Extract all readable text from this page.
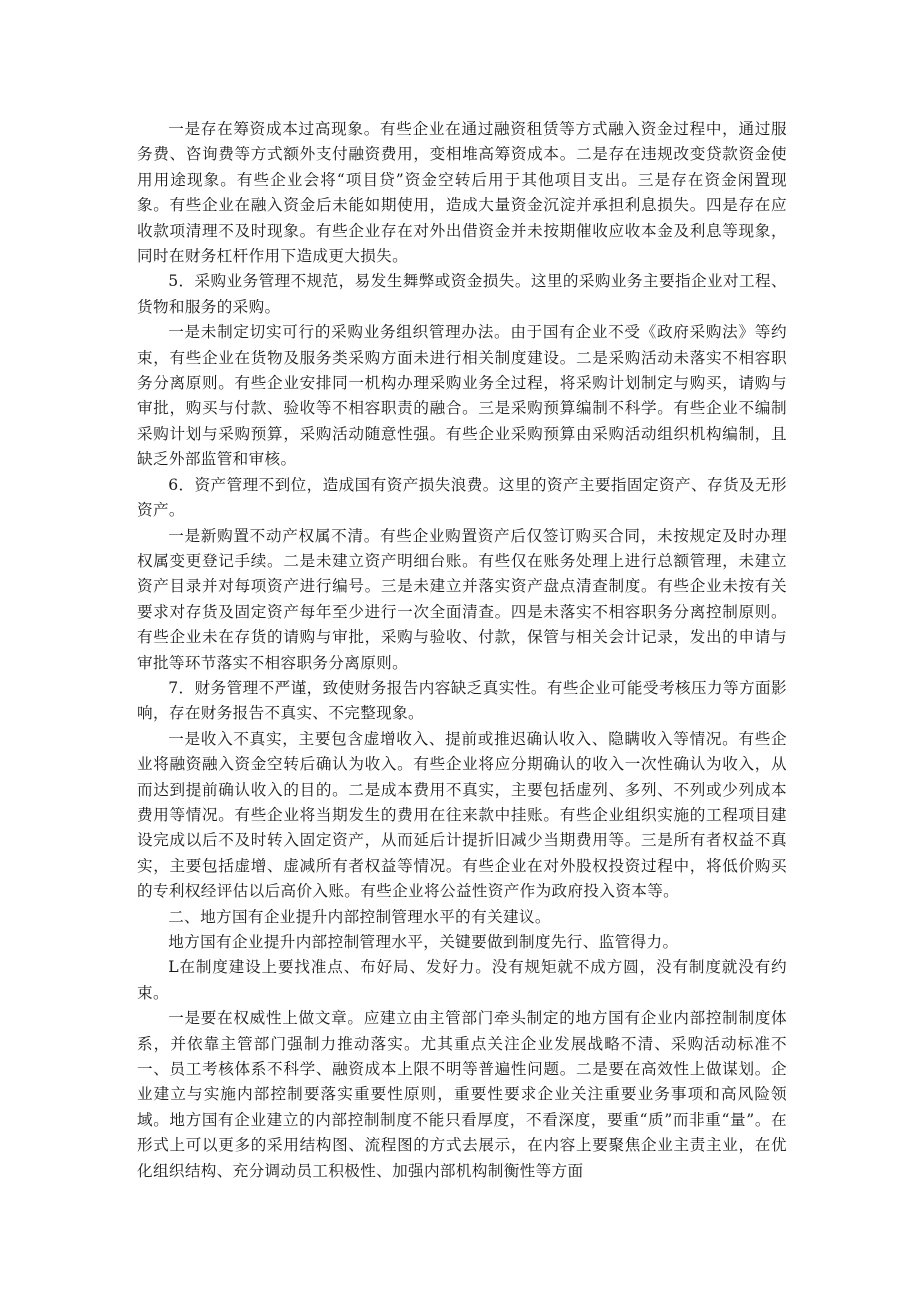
一是存在筹资成本过高现象。有些企业在通过融资租赁等方式融入资金过程中，通过服务费、咨询费等方式额外支付融资费用，变相堆高筹资成本。二是存在违规改变贷款资金使用用途现象。有些企业会将“项目贷”资金空转后用于其他项目支出。三是存在资金闲置现象。有些企业在融入资金后未能如期使用，造成大量资金沉淀并承担利息损失。四是存在应收款项清理不及时现象。有些企业存在对外出借资金并未按期催收应收本金及利息等现象，同时在财务杠杆作用下造成更大损失。

5．采购业务管理不规范，易发生舞弊或资金损失。这里的采购业务主要指企业对工程、货物和服务的采购。

一是未制定切实可行的采购业务组织管理办法。由于国有企业不受《政府采购法》等约束，有些企业在货物及服务类采购方面未进行相关制度建设。二是采购活动未落实不相容职务分离原则。有些企业安排同一机构办理采购业务全过程，将采购计划制定与购买，请购与审批，购买与付款、验收等不相容职责的融合。三是采购预算编制不科学。有些企业不编制采购计划与采购预算，采购活动随意性强。有些企业采购预算由采购活动组织机构编制，且缺乏外部监管和审核。

6．资产管理不到位，造成国有资产损失浪费。这里的资产主要指固定资产、存货及无形资产。

一是新购置不动产权属不清。有些企业购置资产后仅签订购买合同，未按规定及时办理权属变更登记手续。二是未建立资产明细台账。有些仅在账务处理上进行总额管理，未建立资产目录并对每项资产进行编号。三是未建立并落实资产盘点清查制度。有些企业未按有关要求对存货及固定资产每年至少进行一次全面清查。四是未落实不相容职务分离控制原则。有些企业未在存货的请购与审批，采购与验收、付款，保管与相关会计记录，发出的申请与审批等环节落实不相容职务分离原则。

7．财务管理不严谨，致使财务报告内容缺乏真实性。有些企业可能受考核压力等方面影响，存在财务报告不真实、不完整现象。

一是收入不真实，主要包含虚增收入、提前或推迟确认收入、隐瞒收入等情况。有些企业将融资融入资金空转后确认为收入。有些企业将应分期确认的收入一次性确认为收入，从而达到提前确认收入的目的。二是成本费用不真实，主要包括虚列、多列、不列或少列成本费用等情况。有些企业将当期发生的费用在往来款中挂账。有些企业组织实施的工程项目建设完成以后不及时转入固定资产，从而延后计提折旧减少当期费用等。三是所有者权益不真实，主要包括虚增、虚减所有者权益等情况。有些企业在对外股权投资过程中，将低价购买的专利权经评估以后高价入账。有些企业将公益性资产作为政府投入资本等。

二、地方国有企业提升内部控制管理水平的有关建议。

地方国有企业提升内部控制管理水平，关键要做到制度先行、监管得力。

L在制度建设上要找准点、布好局、发好力。没有规矩就不成方圆，没有制度就没有约束。

一是要在权威性上做文章。应建立由主管部门牵头制定的地方国有企业内部控制制度体系，并依靠主管部门强制力推动落实。尤其重点关注企业发展战略不清、采购活动标准不一、员工考核体系不科学、融资成本上限不明等普遍性问题。二是要在高效性上做谋划。企业建立与实施内部控制要落实重要性原则，重要性要求企业关注重要业务事项和高风险领域。地方国有企业建立的内部控制制度不能只看厚度，不看深度，要重“质”而非重“量”。在形式上可以更多的采用结构图、流程图的方式去展示，在内容上要聚焦企业主责主业，在优化组织结构、充分调动员工积极性、加强内部机构制衡性等方面
